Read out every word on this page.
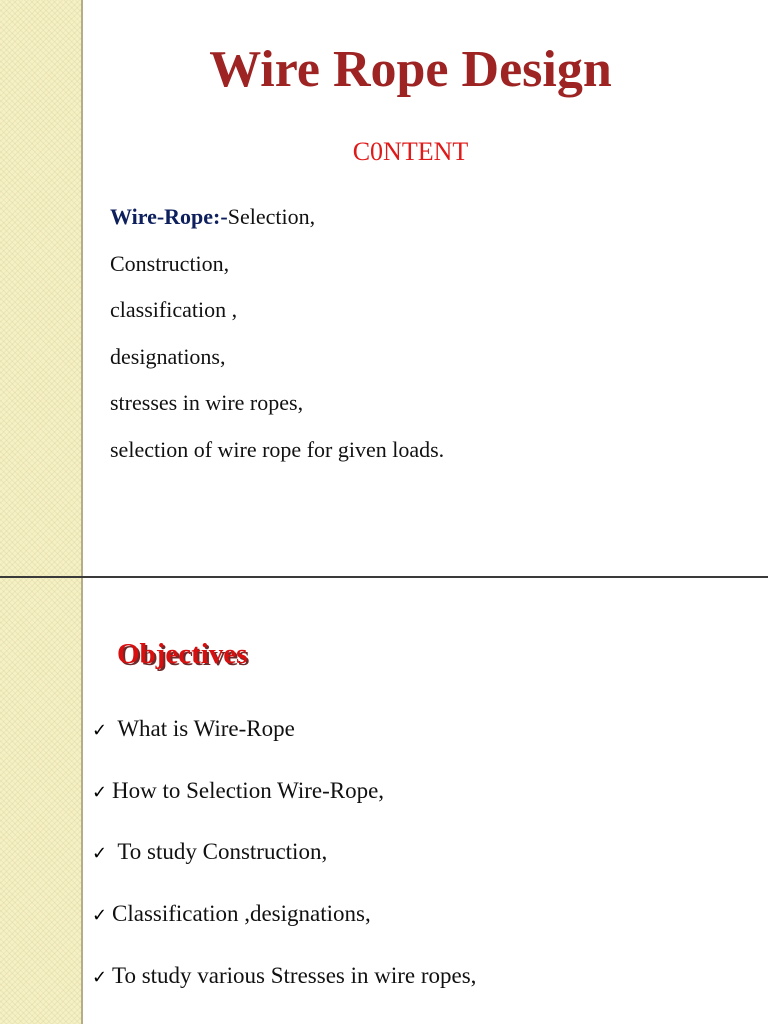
Wire Rope Design
C0NTENT
Wire-Rope:-Selection,
Construction,
classification ,
designations,
stresses in wire ropes,
selection of wire rope for given loads.
Objectives
✓ What is Wire-Rope
✓ How to Selection Wire-Rope,
✓ To study Construction,
✓ Classification ,designations,
✓ To study various Stresses in wire ropes,
